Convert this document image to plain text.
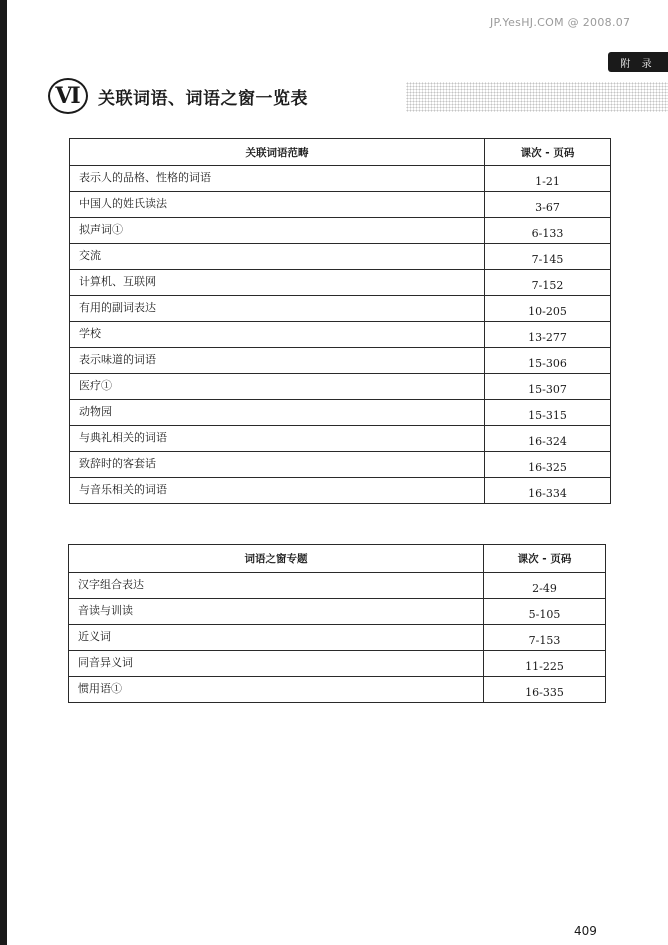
JP.YesHJ.COM @ 2008.07
附 录
Ⅵ	关联词语、词语之窗一览表
关联词语范畴	课次 - 页码
表示人的品格、性格的词语	1-21
中国人的姓氏读法	3-67
拟声词①	6-133
交流	7-145
计算机、互联网	7-152
有用的副词表达	10-205
学校	13-277
表示味道的词语	15-306
医疗①	15-307
动物园	15-315
与典礼相关的词语	16-324
致辞时的客套话	16-325
与音乐相关的词语	16-334
词语之窗专题	课次 - 页码
汉字组合表达	2-49
音读与训读	5-105
近义词	7-153
同音异义词	11-225
惯用语①	16-335
409
